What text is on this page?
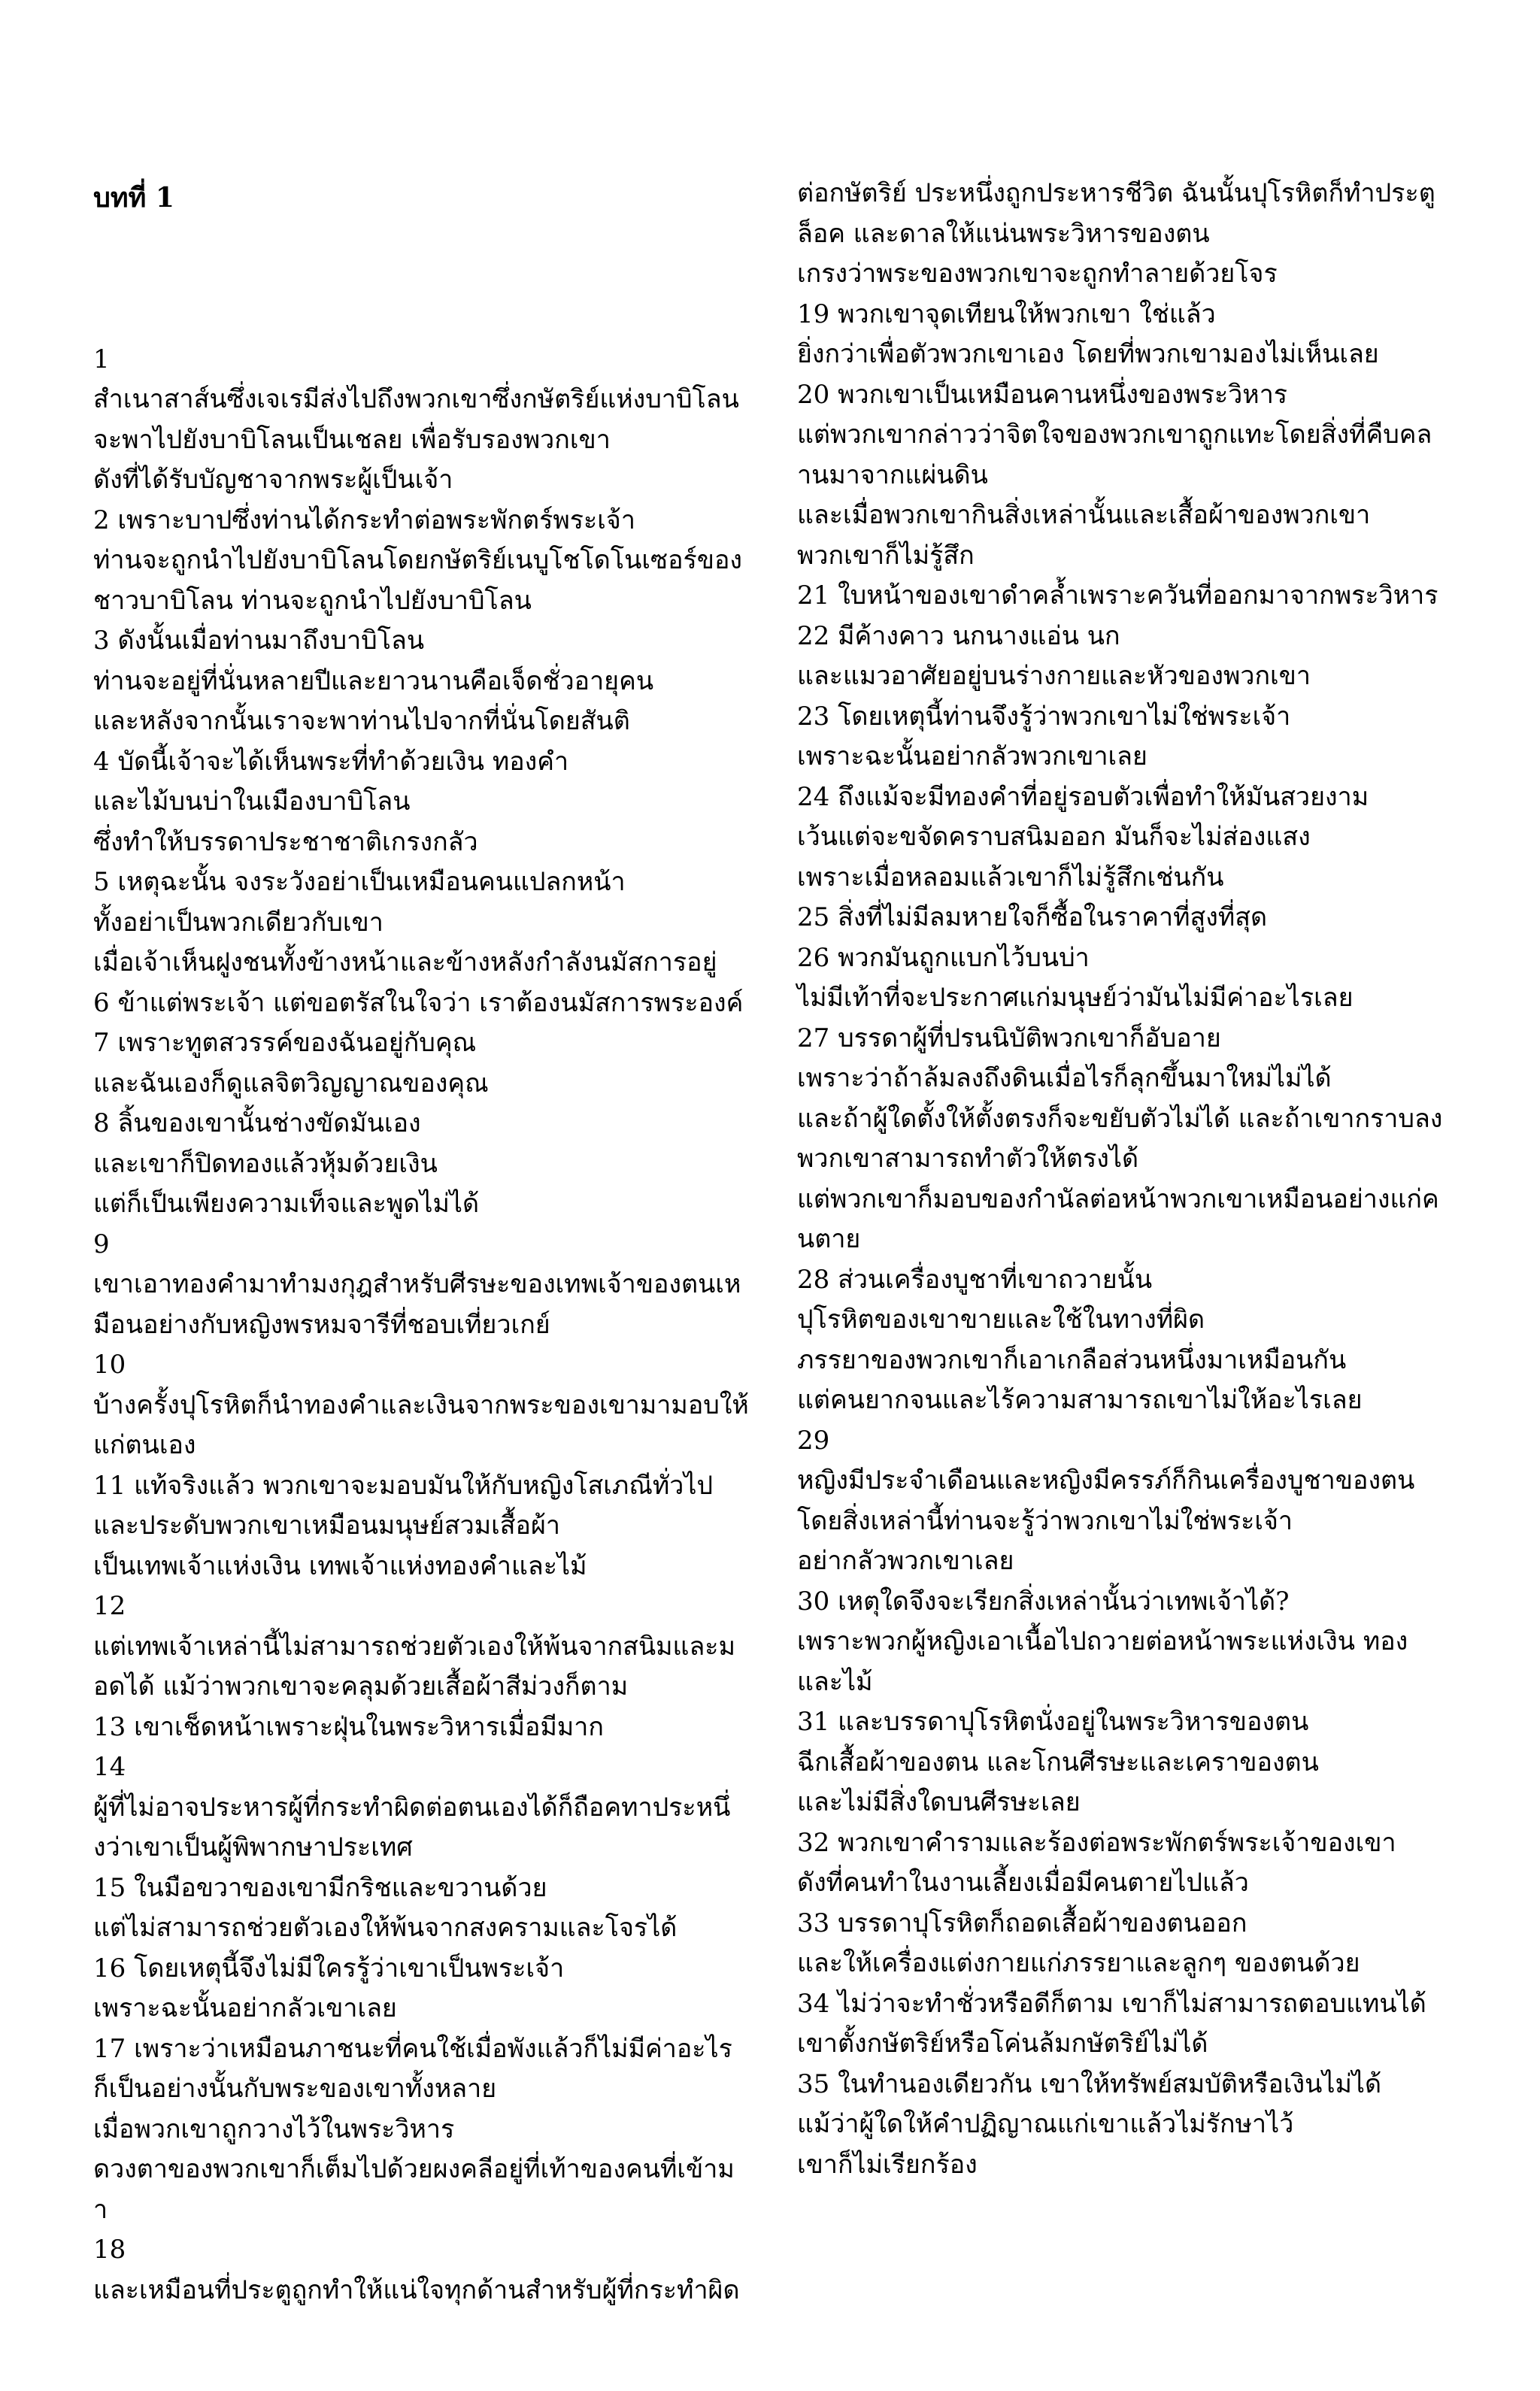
บทที่ 1

1
สำเนาสาส์นซึ่งเจเรมีส่งไปถึงพวกเขาซึ่งกษัตริย์แห่งบาบิโลน
จะพาไปยังบาบิโลนเป็นเชลย เพื่อรับรองพวกเขา
ดังที่ได้รับบัญชาจากพระผู้เป็นเจ้า
2 เพราะบาปซึ่งท่านได้กระทำต่อพระพักตร์พระเจ้า
ท่านจะถูกนำไปยังบาบิโลนโดยกษัตริย์เนบูโชโดโนเซอร์ของ
ชาวบาบิโลน ท่านจะถูกนำไปยังบาบิโลน
3 ดังนั้นเมื่อท่านมาถึงบาบิโลน
ท่านจะอยู่ที่นั่นหลายปีและยาวนานคือเจ็ดชั่วอายุคน
และหลังจากนั้นเราจะพาท่านไปจากที่นั่นโดยสันติ
4 บัดนี้เจ้าจะได้เห็นพระที่ทำด้วยเงิน ทองคำ
และไม้บนบ่าในเมืองบาบิโลน
ซึ่งทำให้บรรดาประชาชาติเกรงกลัว
5 เหตุฉะนั้น จงระวังอย่าเป็นเหมือนคนแปลกหน้า
ทั้งอย่าเป็นพวกเดียวกับเขา
เมื่อเจ้าเห็นฝูงชนทั้งข้างหน้าและข้างหลังกำลังนมัสการอยู่
6 ข้าแต่พระเจ้า แต่ขอตรัสในใจว่า เราต้องนมัสการพระองค์
7 เพราะทูตสวรรค์ของฉันอยู่กับคุณ
และฉันเองก็ดูแลจิตวิญญาณของคุณ
8 ลิ้นของเขานั้นช่างขัดมันเอง
และเขาก็ปิดทองแล้วหุ้มด้วยเงิน
แต่ก็เป็นเพียงความเท็จและพูดไม่ได้
9
เขาเอาทองคำมาทำมงกุฎสำหรับศีรษะของเทพเจ้าของตนเห
มือนอย่างกับหญิงพรหมจารีที่ชอบเที่ยวเกย์
10
บ้างครั้งปุโรหิตก็นำทองคำและเงินจากพระของเขามามอบให้
แก่ตนเอง
11 แท้จริงแล้ว พวกเขาจะมอบมันให้กับหญิงโสเภณีทั่วไป
และประดับพวกเขาเหมือนมนุษย์สวมเสื้อผ้า
เป็นเทพเจ้าแห่งเงิน เทพเจ้าแห่งทองคำและไม้
12
แต่เทพเจ้าเหล่านี้ไม่สามารถช่วยตัวเองให้พ้นจากสนิมและม
อดได้ แม้ว่าพวกเขาจะคลุมด้วยเสื้อผ้าสีม่วงก็ตาม
13 เขาเช็ดหน้าเพราะฝุ่นในพระวิหารเมื่อมีมาก
14
ผู้ที่ไม่อาจประหารผู้ที่กระทำผิดต่อตนเองได้ก็ถือคทาประหนึ่
งว่าเขาเป็นผู้พิพากษาประเทศ
15 ในมือขวาของเขามีกริชและขวานด้วย
แต่ไม่สามารถช่วยตัวเองให้พ้นจากสงครามและโจรได้
16 โดยเหตุนี้จึงไม่มีใครรู้ว่าเขาเป็นพระเจ้า
เพราะฉะนั้นอย่ากลัวเขาเลย
17 เพราะว่าเหมือนภาชนะที่คนใช้เมื่อพังแล้วก็ไม่มีค่าอะไร
ก็เป็นอย่างนั้นกับพระของเขาทั้งหลาย
เมื่อพวกเขาถูกวางไว้ในพระวิหาร
ดวงตาของพวกเขาก็เต็มไปด้วยผงคลีอยู่ที่เท้าของคนที่เข้าม
า
18
และเหมือนที่ประตูถูกทำให้แน่ใจทุกด้านสำหรับผู้ที่กระทำผิด

ต่อกษัตริย์ ประหนึ่งถูกประหารชีวิต ฉันนั้นปุโรหิตก็ทำประตู
ล็อค และดาลให้แน่นพระวิหารของตน
เกรงว่าพระของพวกเขาจะถูกทำลายด้วยโจร
19 พวกเขาจุดเทียนให้พวกเขา ใช่แล้ว
ยิ่งกว่าเพื่อตัวพวกเขาเอง โดยที่พวกเขามองไม่เห็นเลย
20 พวกเขาเป็นเหมือนคานหนึ่งของพระวิหาร
แต่พวกเขากล่าวว่าจิตใจของพวกเขาถูกแทะโดยสิ่งที่คืบคล
านมาจากแผ่นดิน
และเมื่อพวกเขากินสิ่งเหล่านั้นและเสื้อผ้าของพวกเขา
พวกเขาก็ไม่รู้สึก
21 ใบหน้าของเขาดำคล้ำเพราะควันที่ออกมาจากพระวิหาร
22 มีค้างคาว นกนางแอ่น นก
และแมวอาศัยอยู่บนร่างกายและหัวของพวกเขา
23 โดยเหตุนี้ท่านจึงรู้ว่าพวกเขาไม่ใช่พระเจ้า
เพราะฉะนั้นอย่ากลัวพวกเขาเลย
24 ถึงแม้จะมีทองคำที่อยู่รอบตัวเพื่อทำให้มันสวยงาม
เว้นแต่จะขจัดคราบสนิมออก มันก็จะไม่ส่องแสง
เพราะเมื่อหลอมแล้วเขาก็ไม่รู้สึกเช่นกัน
25 สิ่งที่ไม่มีลมหายใจก็ซื้อในราคาที่สูงที่สุด
26 พวกมันถูกแบกไว้บนบ่า
ไม่มีเท้าที่จะประกาศแก่มนุษย์ว่ามันไม่มีค่าอะไรเลย
27 บรรดาผู้ที่ปรนนิบัติพวกเขาก็อับอาย
เพราะว่าถ้าล้มลงถึงดินเมื่อไรก็ลุกขึ้นมาใหม่ไม่ได้
และถ้าผู้ใดตั้งให้ตั้งตรงก็จะขยับตัวไม่ได้ และถ้าเขากราบลง
พวกเขาสามารถทำตัวให้ตรงได้
แต่พวกเขาก็มอบของกำนัลต่อหน้าพวกเขาเหมือนอย่างแก่ค
นตาย
28 ส่วนเครื่องบูชาที่เขาถวายนั้น
ปุโรหิตของเขาขายและใช้ในทางที่ผิด
ภรรยาของพวกเขาก็เอาเกลือส่วนหนึ่งมาเหมือนกัน
แต่คนยากจนและไร้ความสามารถเขาไม่ให้อะไรเลย
29
หญิงมีประจำเดือนและหญิงมีครรภ์ก็กินเครื่องบูชาของตน
โดยสิ่งเหล่านี้ท่านจะรู้ว่าพวกเขาไม่ใช่พระเจ้า
อย่ากลัวพวกเขาเลย
30 เหตุใดจึงจะเรียกสิ่งเหล่านั้นว่าเทพเจ้าได้?
เพราะพวกผู้หญิงเอาเนื้อไปถวายต่อหน้าพระแห่งเงิน ทอง
และไม้
31 และบรรดาปุโรหิตนั่งอยู่ในพระวิหารของตน
ฉีกเสื้อผ้าของตน และโกนศีรษะและเคราของตน
และไม่มีสิ่งใดบนศีรษะเลย
32 พวกเขาคำรามและร้องต่อพระพักตร์พระเจ้าของเขา
ดังที่คนทำในงานเลี้ยงเมื่อมีคนตายไปแล้ว
33 บรรดาปุโรหิตก็ถอดเสื้อผ้าของตนออก
และให้เครื่องแต่งกายแก่ภรรยาและลูกๆ ของตนด้วย
34 ไม่ว่าจะทำชั่วหรือดีก็ตาม เขาก็ไม่สามารถตอบแทนได้
เขาตั้งกษัตริย์หรือโค่นล้มกษัตริย์ไม่ได้
35 ในทำนองเดียวกัน เขาให้ทรัพย์สมบัติหรือเงินไม่ได้
แม้ว่าผู้ใดให้คำปฏิญาณแก่เขาแล้วไม่รักษาไว้
เขาก็ไม่เรียกร้อง
